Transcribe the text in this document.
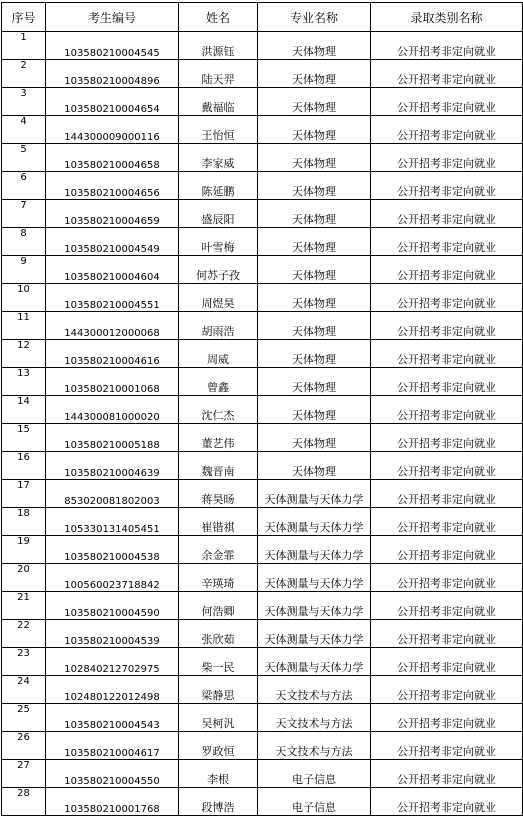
序号	考生编号	姓名	专业名称	录取类别名称
1	103580210004545	洪源钰	天体物理	公开招考非定向就业
2	103580210004896	陆天羿	天体物理	公开招考非定向就业
3	103580210004654	戴福临	天体物理	公开招考非定向就业
4	144300009000116	王怡恒	天体物理	公开招考非定向就业
5	103580210004658	李家威	天体物理	公开招考非定向就业
6	103580210004656	陈延鹏	天体物理	公开招考非定向就业
7	103580210004659	盛辰阳	天体物理	公开招考非定向就业
8	103580210004549	叶雪梅	天体物理	公开招考非定向就业
9	103580210004604	何苏子孜	天体物理	公开招考非定向就业
10	103580210004551	周煜昊	天体物理	公开招考非定向就业
11	144300012000068	胡雨浩	天体物理	公开招考非定向就业
12	103580210004616	周威	天体物理	公开招考非定向就业
13	103580210001068	曾鑫	天体物理	公开招考非定向就业
14	144300081000020	沈仁杰	天体物理	公开招考非定向就业
15	103580210005188	董艺伟	天体物理	公开招考非定向就业
16	103580210004639	魏晋南	天体物理	公开招考非定向就业
17	853020081802003	蒋昊旸	天体测量与天体力学	公开招考非定向就业
18	105330131405451	崔锴祺	天体测量与天体力学	公开招考非定向就业
19	103580210004538	余金霏	天体测量与天体力学	公开招考非定向就业
20	100560023718842	辛瑛琦	天体测量与天体力学	公开招考非定向就业
21	103580210004590	何浩卿	天体测量与天体力学	公开招考非定向就业
22	103580210004539	张欣茹	天体测量与天体力学	公开招考非定向就业
23	102840212702975	柴一民	天体测量与天体力学	公开招考非定向就业
24	102480122012498	梁静思	天文技术与方法	公开招考非定向就业
25	103580210004543	吴柯汎	天文技术与方法	公开招考非定向就业
26	103580210004617	罗政恒	天文技术与方法	公开招考非定向就业
27	103580210004550	李根	电子信息	公开招考非定向就业
28	103580210001768	段博浩	电子信息	公开招考非定向就业
